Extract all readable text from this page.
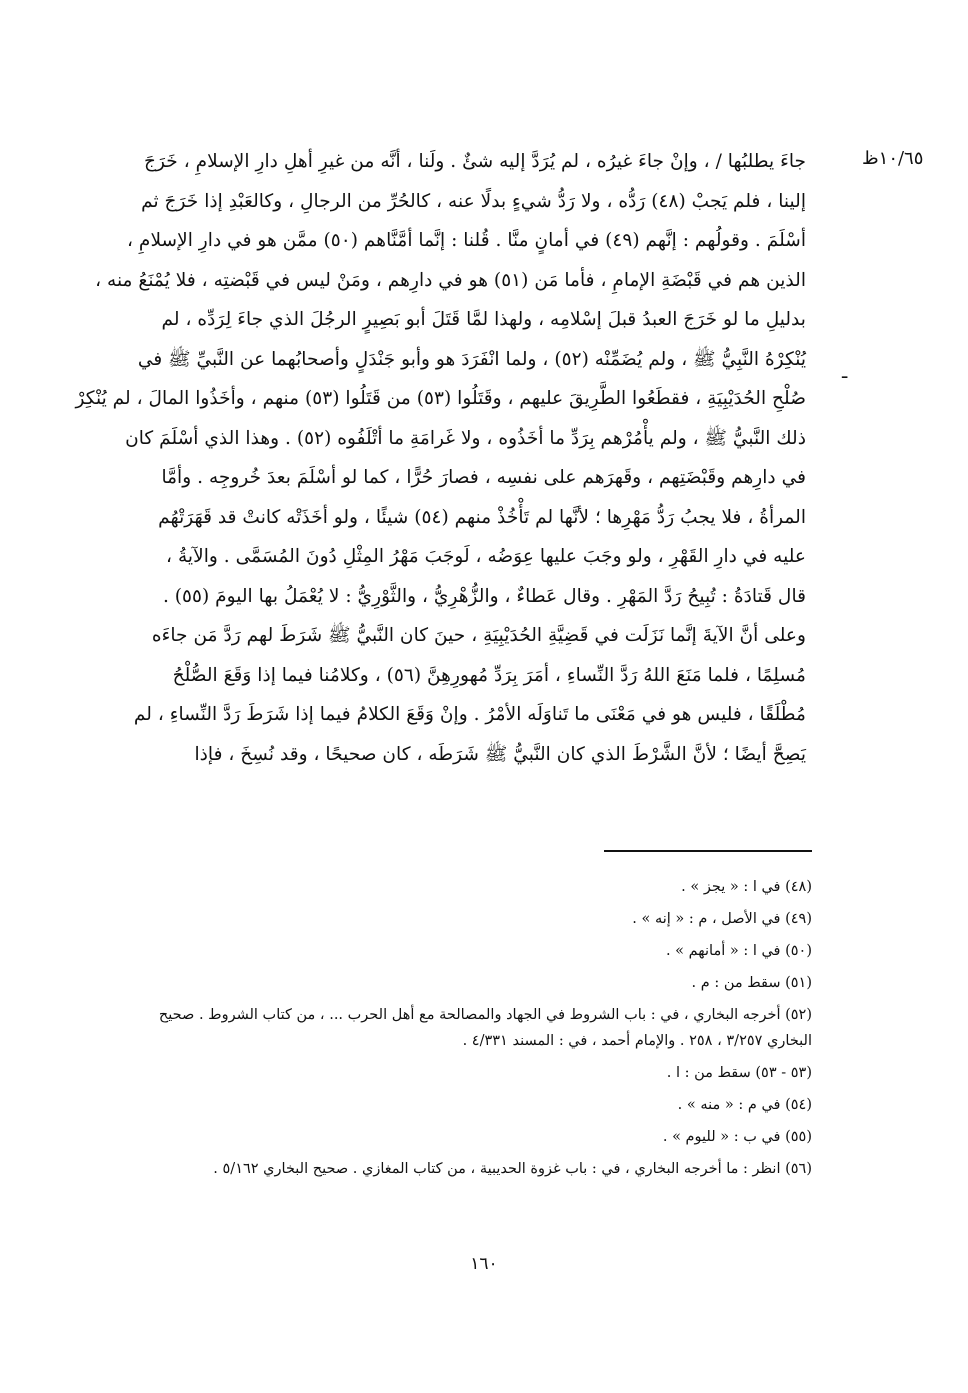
١٠/٦٥ظ
ـ
جاءَ يطلبُها / ، وإنْ جاءَ غيرُه ، لم يُرَدَّ إليه شئٌ . ولَنا ، أنَّه من غيرِ أهلِ دارِ الإسلامِ ، خَرَجَ
إلينا ، فلم يَجبْ (٤٨) رَدُّه ، ولا رَدُّ شيءٍ بدلًا عنه ، كالحُرِّ من الرجالِ ، وكالعَبْدِ إذا خَرَجَ ثم
أسْلَمَ . وقولُهم : إنَّهم (٤٩) في أمانٍ منَّا . قُلنا : إنَّما أمَّنَّاهم (٥٠) ممَّن هو في دارِ الإسلامِ ،
الذين هم في قَبْضَةِ الإمامِ ، فأما مَن (٥١) هو في دارِهم ، ومَنْ ليس في قَبْضتِه ، فلا يُمْنَعُ منه ،
بدليلِ ما لو خَرَجَ العبدُ قبلَ إسْلامِه ، ولهذا لمَّا قَتَلَ أبو بَصِيرٍ الرجُلَ الذي جاءَ لِرَدِّه ، لم
يُنْكِرْهُ النَّبِيُّ ﷺ ، ولم يُضَمِّنْه (٥٢) ، ولما انْفَرَدَ هو وأبو جَنْدَلٍ وأصحابُهما عن النَّبيِّ ﷺ في
صُلْحِ الحُدَيْبِيَةِ ، فقطَعُوا الطَّرِيقَ عليهم ، وقَتَلُوا (٥٣) من قَتَلُوا (٥٣) منهم ، وأخَذُوا المالَ ، لم يُنْكِرْ
ذلك النَّبيُّ ﷺ ، ولم يأْمُرْهم بِرَدِّ ما أخَذُوه ، ولا غَرامَةِ ما أتْلَفُوه (٥٢) . وهذا الذي أسْلَمَ كان
في دارِهم وقَبْضَتِهم ، وقَهرَهم على نفسِه ، فصارَ حُرًّا ، كما لو أسْلَمَ بعدَ خُروجِه . وأمَّا
المرأةُ ، فلا يجبُ رَدُّ مَهْرِها ؛ لأنَّها لم تَأْخُذْ منهم (٥٤) شيئًا ، ولو أخَذَتْه كانتْ قد قَهَرَتْهُم
عليه في دارِ القَهْرِ ، ولو وجَبَ عليها عِوَضُه ، لَوجَبَ مَهْرُ المِثْلِ دُونَ المُسَمَّى . والآيةُ ،
قال قَتادَةُ : تُبِيحُ رَدَّ المَهْرِ . وقال عَطاءٌ ، والزُّهْرِيُّ ، والثَّوْرِيُّ : لا يُعْمَلُ بها اليومَ (٥٥) .
وعلى أنَّ الآيةَ إنَّما نَزَلَت في قَضِيَّةِ الحُدَيْبِيَةِ ، حينَ كان النَّبيُّ ﷺ شَرَطَ لهم رَدَّ مَن جاءَه
مُسلِمًا ، فلما مَنَعَ اللهُ رَدَّ النِّساءِ ، أمَرَ بِرَدِّ مُهورِهِنَّ (٥٦) ، وكلامُنا فيما إذا وَقَعَ الصُّلْحُ
مُطْلَقًا ، فليس هو في مَعْنَى ما تَناوَلَه الأمْرُ . وإنْ وَقَعَ الكلامُ فيما إذا شَرَطَ رَدَّ النِّساءِ ، لم
يَصِحَّ أيضًا ؛ لأنَّ الشَّرْطَ الذي كان النَّبيُّ ﷺ شَرَطَه ، كان صحيحًا ، وقد نُسِخَ ، فإذا
(٤٨) في ا : « يجز » .
(٤٩) في الأصل ، م : « إنه » .
(٥٠) في ا : « أمانهم » .
(٥١) سقط من : م .
(٥٢) أخرجه البخاري ، في : باب الشروط في الجهاد والمصالحة مع أهل الحرب ... ، من كتاب الشروط . صحيح
البخاري ٣/٢٥٧ ، ٢٥٨ . والإمام أحمد ، في : المسند ٤/٣٣١ .
(٥٣ - ٥٣) سقط من : ا .
(٥٤) في م : « منه » .
(٥٥) في ب : « لليوم » .
(٥٦) انظر : ما أخرجه البخاري ، في : باب غزوة الحديبية ، من كتاب المغازي . صحيح البخاري ٥/١٦٢ .
١٦٠
